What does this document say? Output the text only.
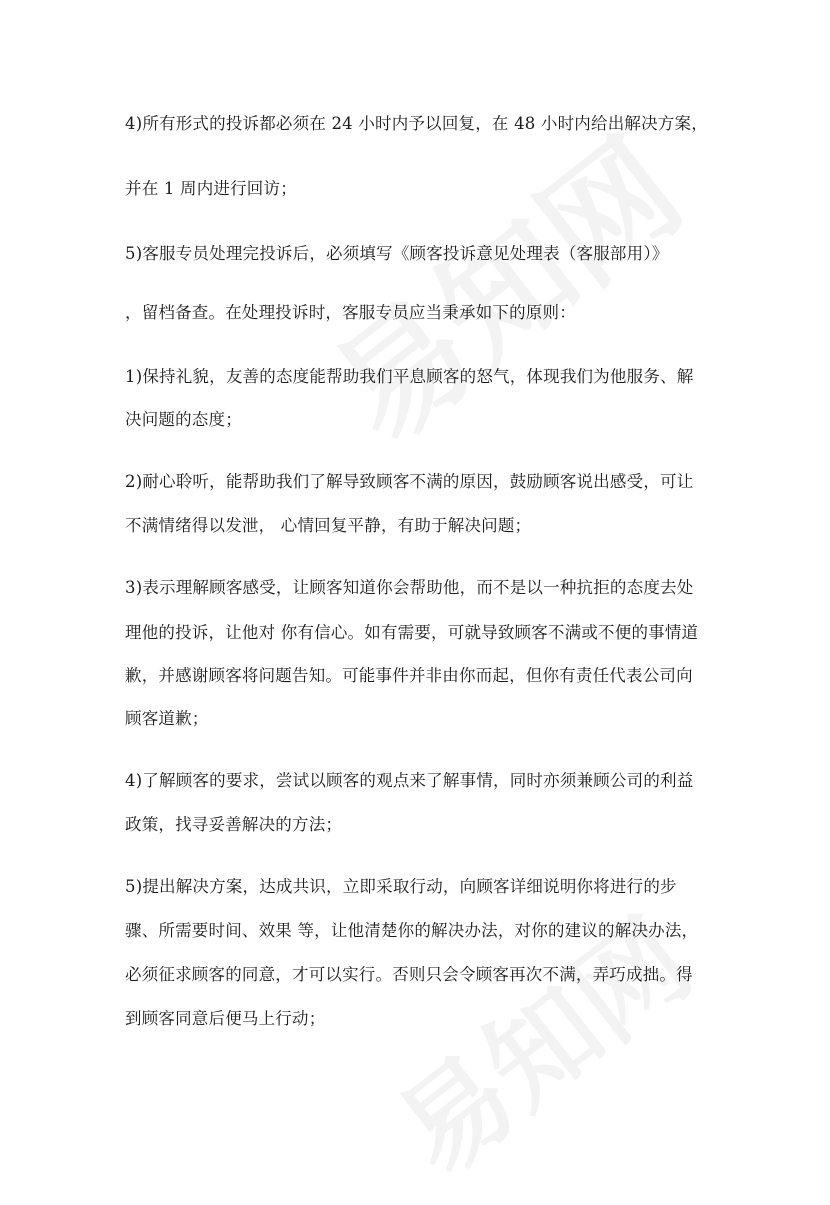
4)所有形式的投诉都必须在 24 小时内予以回复，在 48 小时内给出解决方案，
并在 1 周内进行回访；
5)客服专员处理完投诉后，必须填写《顾客投诉意见处理表（客服部用）》
，留档备查。在处理投诉时，客服专员应当秉承如下的原则：
1)保持礼貌，友善的态度能帮助我们平息顾客的怒气，体现我们为他服务、解
决问题的态度；
2)耐心聆听，能帮助我们了解导致顾客不满的原因，鼓励顾客说出感受，可让
不满情绪得以发泄， 心情回复平静，有助于解决问题；
3)表示理解顾客感受，让顾客知道你会帮助他，而不是以一种抗拒的态度去处
理他的投诉，让他对 你有信心。如有需要，可就导致顾客不满或不便的事情道
歉，并感谢顾客将问题告知。可能事件并非由你而起，但你有责任代表公司向
顾客道歉；
4)了解顾客的要求，尝试以顾客的观点来了解事情，同时亦须兼顾公司的利益
政策，找寻妥善解决的方法；
5)提出解决方案，达成共识，立即采取行动，向顾客详细说明你将进行的步
骤、所需要时间、效果 等，让他清楚你的解决办法，对你的建议的解决办法，
必须征求顾客的同意，才可以实行。否则只会令顾客再次不满，弄巧成拙。得
到顾客同意后便马上行动；
